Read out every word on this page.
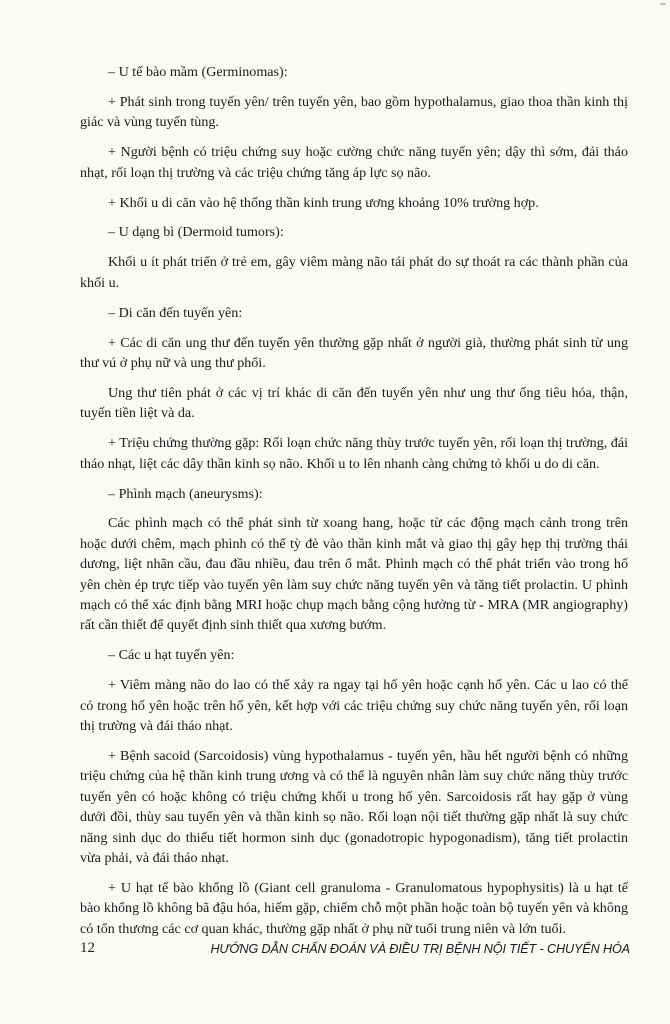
– U tế bào mầm (Germinomas):

+ Phát sinh trong tuyến yên/ trên tuyến yên, bao gồm hypothalamus, giao thoa thần kinh thị giác và vùng tuyến tùng.

+ Người bệnh có triệu chứng suy hoặc cường chức năng tuyến yên; dậy thì sớm, đái tháo nhạt, rối loạn thị trường và các triệu chứng tăng áp lực sọ não.

+ Khối u di căn vào hệ thống thần kinh trung ương khoảng 10% trường hợp.

– U dạng bì (Dermoid tumors):

Khối u ít phát triển ở trẻ em, gây viêm màng não tái phát do sự thoát ra các thành phần của khối u.

– Di căn đến tuyến yên:

+ Các di căn ung thư đến tuyến yên thường gặp nhất ở người già, thường phát sinh từ ung thư vú ở phụ nữ và ung thư phổi.

Ung thư tiên phát ở các vị trí khác di căn đến tuyến yên như ung thư ống tiêu hóa, thận, tuyến tiền liệt và da.

+ Triệu chứng thường gặp: Rối loạn chức năng thùy trước tuyến yên, rối loạn thị trường, đái tháo nhạt, liệt các dây thần kinh sọ não. Khối u to lên nhanh càng chứng tỏ khối u do di căn.

– Phình mạch (aneurysms):

Các phình mạch có thể phát sinh từ xoang hang, hoặc từ các động mạch cảnh trong trên hoặc dưới chêm, mạch phình có thể tỳ đè vào thần kinh mắt và giao thị gây hẹp thị trường thái dương, liệt nhãn cầu, đau đầu nhiều, đau trên ổ mắt. Phình mạch có thể phát triển vào trong hố yên chèn ép trực tiếp vào tuyến yên làm suy chức năng tuyến yên và tăng tiết prolactin. U phình mạch có thể xác định bằng MRI hoặc chụp mạch bằng cộng hưởng từ - MRA (MR angiography) rất cần thiết để quyết định sinh thiết qua xương bướm.

– Các u hạt tuyến yên:

+ Viêm màng não do lao có thể xảy ra ngay tại hố yên hoặc cạnh hố yên. Các u lao có thể có trong hố yên hoặc trên hố yên, kết hợp với các triệu chứng suy chức năng tuyến yên, rối loạn thị trường và đái tháo nhạt.

+ Bệnh sacoid (Sarcoidosis) vùng hypothalamus - tuyến yên, hầu hết người bệnh có những triệu chứng của hệ thần kinh trung ương và có thể là nguyên nhân làm suy chức năng thùy trước tuyến yên có hoặc không có triệu chứng khối u trong hố yên. Sarcoidosis rất hay gặp ở vùng dưới đồi, thùy sau tuyến yên và thần kinh sọ não. Rối loạn nội tiết thường gặp nhất là suy chức năng sinh dục do thiếu tiết hormon sinh dục (gonadotropic hypogonadism), tăng tiết prolactin vừa phải, và đái tháo nhạt.

+ U hạt tế bào khổng lồ (Giant cell granuloma - Granulomatous hypophysitis) là u hạt tế bào khổng lồ không bã đậu hóa, hiếm gặp, chiếm chỗ một phần hoặc toàn bộ tuyến yên và không có tổn thương các cơ quan khác, thường gặp nhất ở phụ nữ tuổi trung niên và lớn tuổi.

12	HƯỚNG DẪN CHẨN ĐOÁN VÀ ĐIỀU TRỊ BỆNH NỘI TIẾT - CHUYỂN HÓA
